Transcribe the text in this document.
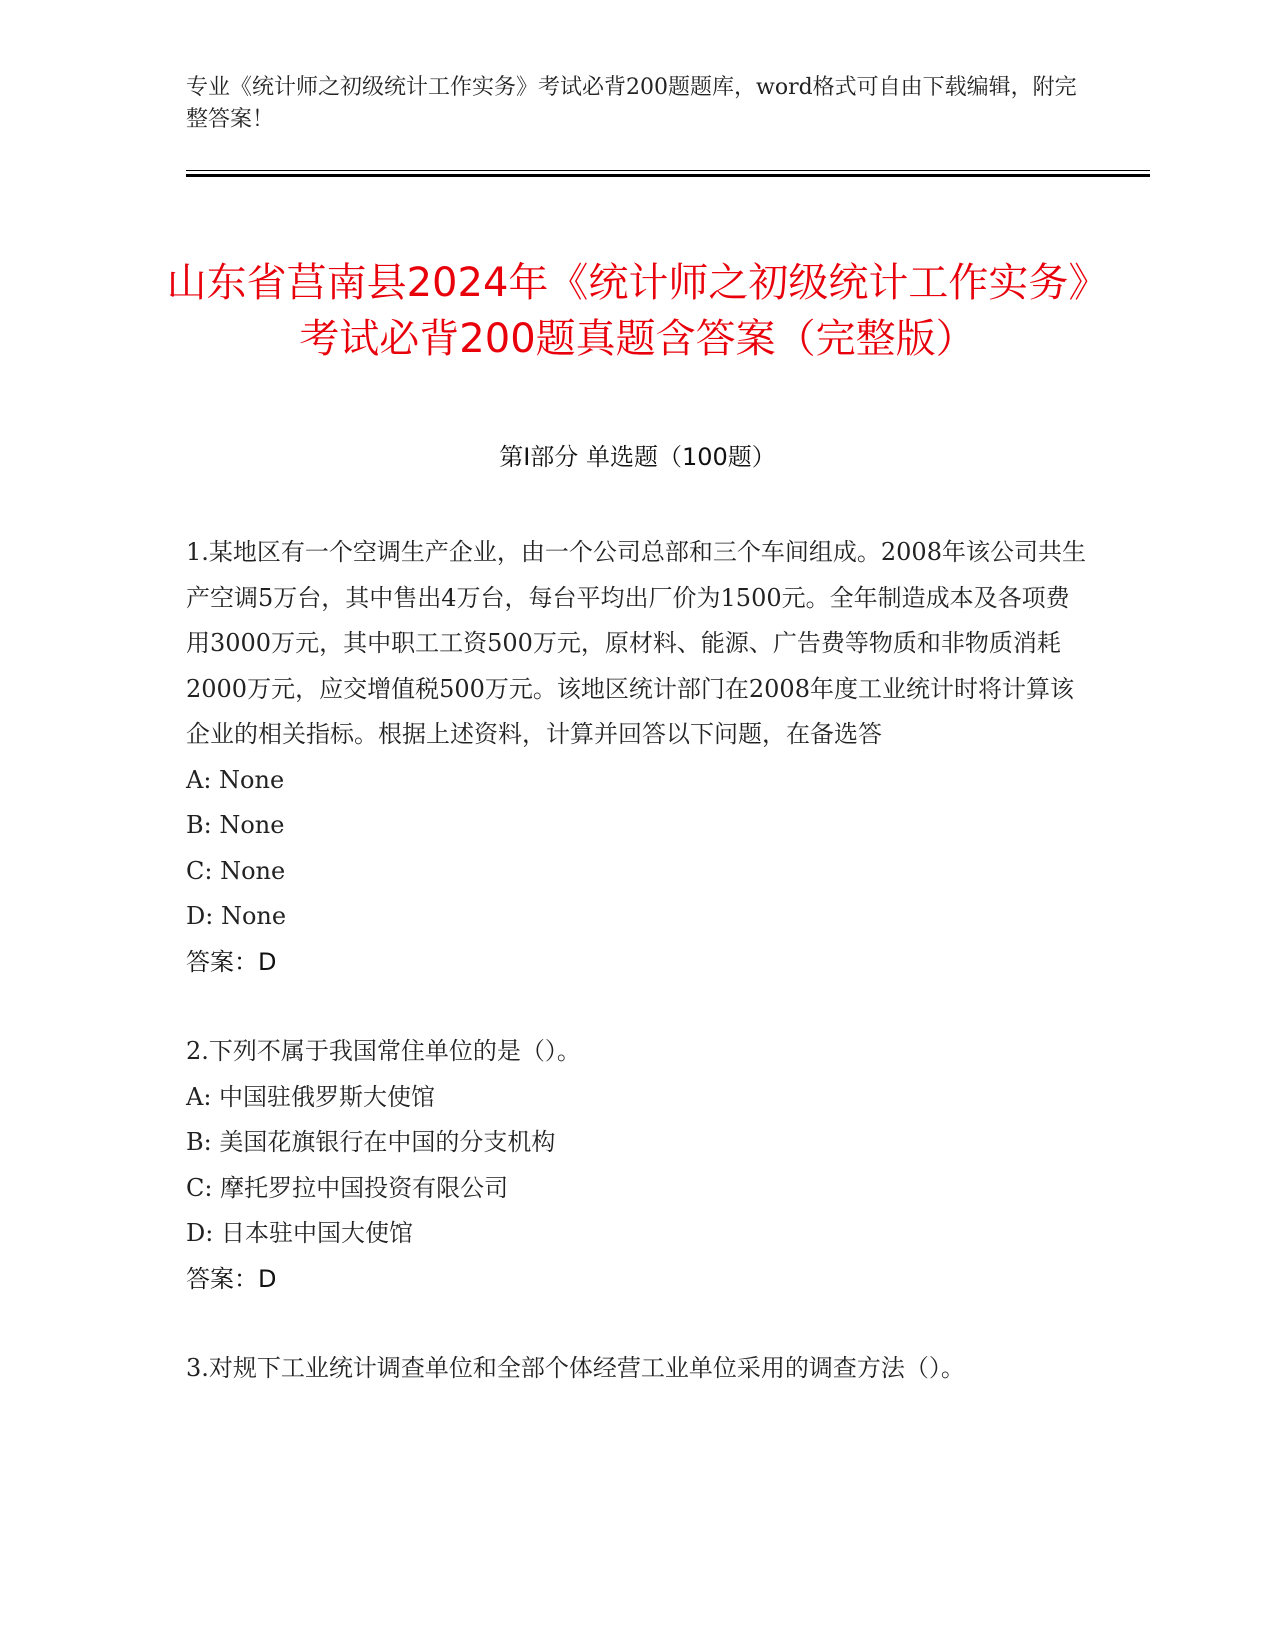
专业《统计师之初级统计工作实务》考试必背200题题库，word格式可自由下载编辑，附完整答案！
山东省莒南县2024年《统计师之初级统计工作实务》考试必背200题真题含答案（完整版）
第I部分 单选题（100题）

1.某地区有一个空调生产企业，由一个公司总部和三个车间组成。2008年该公司共生产空调5万台，其中售出4万台，每台平均出厂价为1500元。全年制造成本及各项费用3000万元，其中职工工资500万元，原材料、能源、广告费等物质和非物质消耗2000万元，应交增值税500万元。该地区统计部门在2008年度工业统计时将计算该企业的相关指标。根据上述资料，计算并回答以下问题，在备选答

A: None

B: None

C: None

D: None

答案：D

2.下列不属于我国常住单位的是（）。

A: 中国驻俄罗斯大使馆

B: 美国花旗银行在中国的分支机构

C: 摩托罗拉中国投资有限公司

D: 日本驻中国大使馆

答案：D

3.对规下工业统计调查单位和全部个体经营工业单位采用的调查方法（）。
